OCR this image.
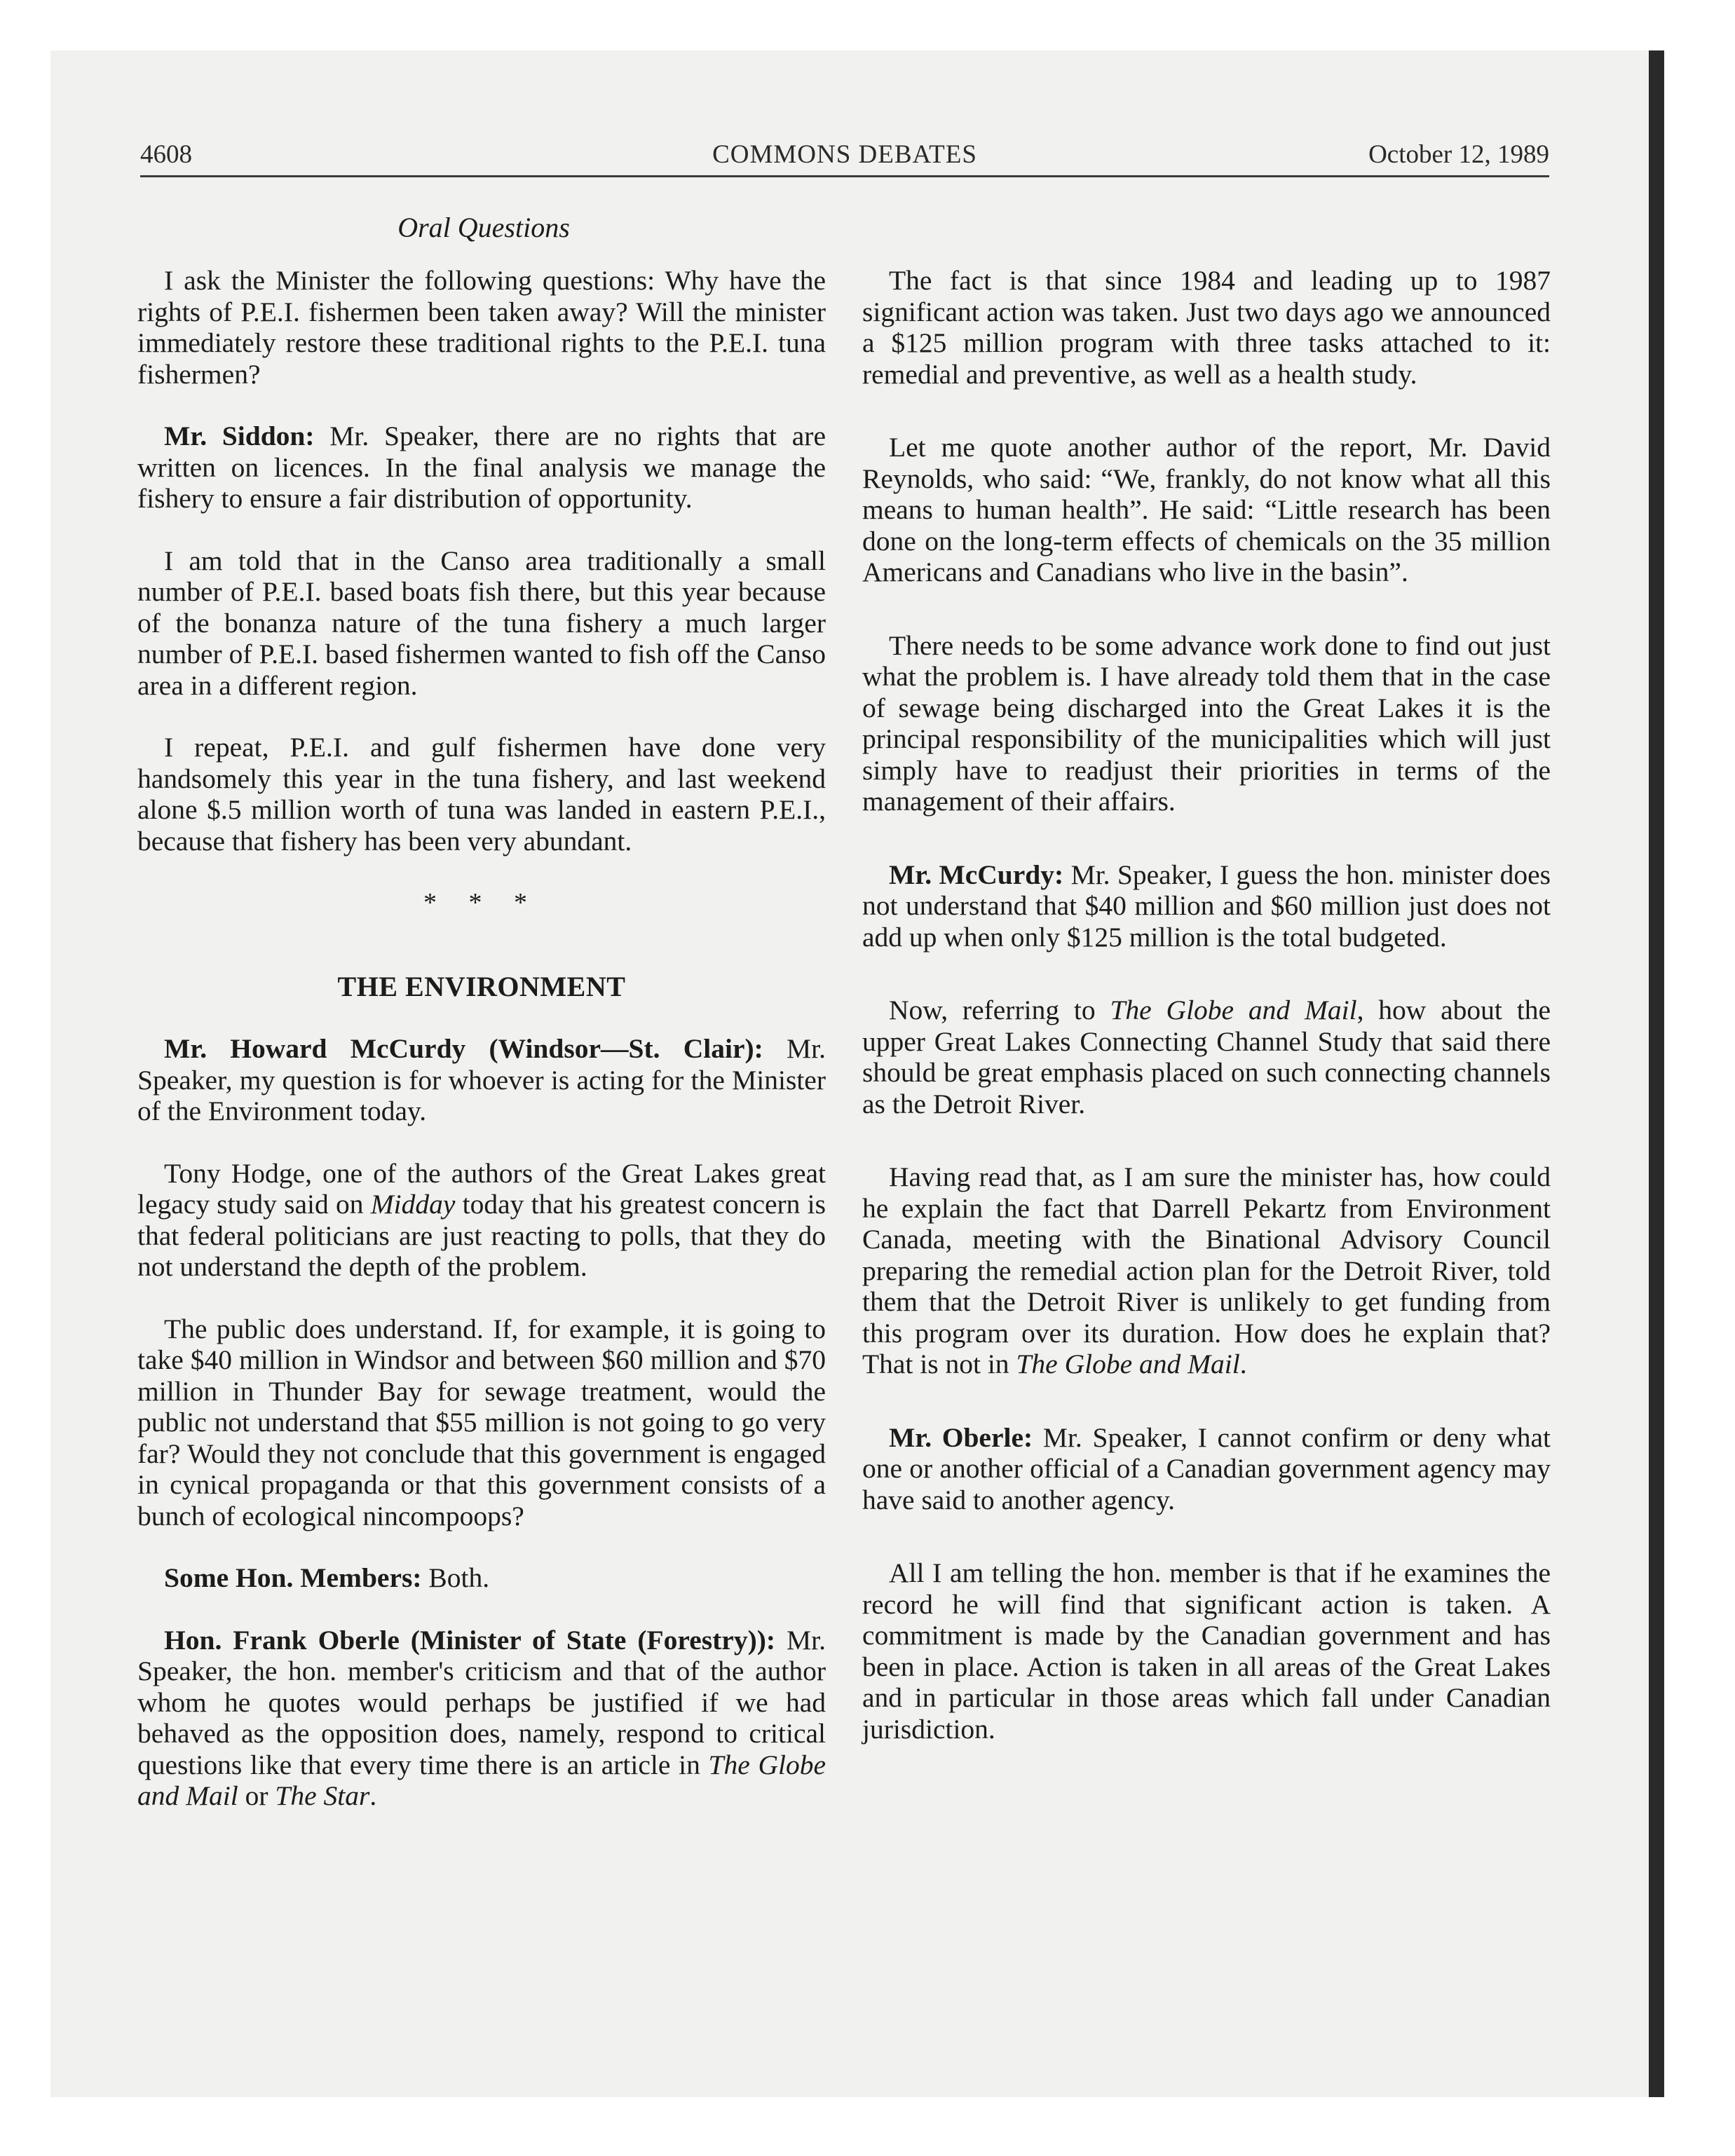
4608	COMMONS DEBATES	October 12, 1989
Oral Questions

I ask the Minister the following questions: Why have the rights of P.E.I. fishermen been taken away? Will the minister immediately restore these traditional rights to the P.E.I. tuna fishermen?

Mr. Siddon: Mr. Speaker, there are no rights that are written on licences. In the final analysis we manage the fishery to ensure a fair distribution of opportunity.

I am told that in the Canso area traditionally a small number of P.E.I. based boats fish there, but this year because of the bonanza nature of the tuna fishery a much larger number of P.E.I. based fishermen wanted to fish off the Canso area in a different region.

I repeat, P.E.I. and gulf fishermen have done very handsomely this year in the tuna fishery, and last weekend alone $.5 million worth of tuna was landed in eastern P.E.I., because that fishery has been very abundant.

* * *
THE ENVIRONMENT

Mr. Howard McCurdy (Windsor—St. Clair): Mr. Speaker, my question is for whoever is acting for the Minister of the Environment today.

Tony Hodge, one of the authors of the Great Lakes great legacy study said on Midday today that his greatest concern is that federal politicians are just reacting to polls, that they do not understand the depth of the problem.

The public does understand. If, for example, it is going to take $40 million in Windsor and between $60 million and $70 million in Thunder Bay for sewage treatment, would the public not understand that $55 million is not going to go very far? Would they not conclude that this government is engaged in cynical propaganda or that this government consists of a bunch of ecological nincompoops?

Some Hon. Members: Both.

Hon. Frank Oberle (Minister of State (Forestry)): Mr. Speaker, the hon. member's criticism and that of the author whom he quotes would perhaps be justified if we had behaved as the opposition does, namely, respond to critical questions like that every time there is an article in The Globe and Mail or The Star.

The fact is that since 1984 and leading up to 1987 significant action was taken. Just two days ago we announced a $125 million program with three tasks attached to it: remedial and preventive, as well as a health study.

Let me quote another author of the report, Mr. David Reynolds, who said: “We, frankly, do not know what all this means to human health”. He said: “Little research has been done on the long-term effects of chemicals on the 35 million Americans and Canadians who live in the basin”.

There needs to be some advance work done to find out just what the problem is. I have already told them that in the case of sewage being discharged into the Great Lakes it is the principal responsibility of the municipalities which will just simply have to readjust their priorities in terms of the management of their affairs.

Mr. McCurdy: Mr. Speaker, I guess the hon. minister does not understand that $40 million and $60 million just does not add up when only $125 million is the total budgeted.

Now, referring to The Globe and Mail, how about the upper Great Lakes Connecting Channel Study that said there should be great emphasis placed on such connecting channels as the Detroit River.

Having read that, as I am sure the minister has, how could he explain the fact that Darrell Pekartz from Environment Canada, meeting with the Binational Advisory Council preparing the remedial action plan for the Detroit River, told them that the Detroit River is unlikely to get funding from this program over its duration. How does he explain that? That is not in The Globe and Mail.

Mr. Oberle: Mr. Speaker, I cannot confirm or deny what one or another official of a Canadian government agency may have said to another agency.

All I am telling the hon. member is that if he examines the record he will find that significant action is taken. A commitment is made by the Canadian government and has been in place. Action is taken in all areas of the Great Lakes and in particular in those areas which fall under Canadian jurisdiction.
